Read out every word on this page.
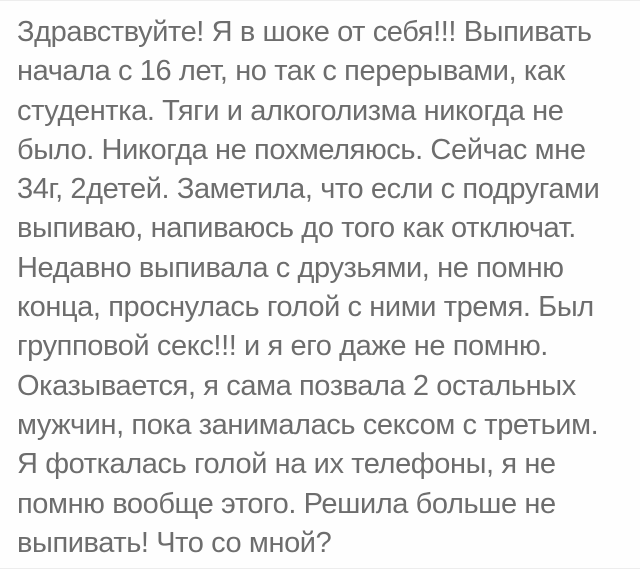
Здравствуйте! Я в шоке от себя!!! Выпивать
начала с 16 лет, но так с перерывами, как
студентка. Тяги и алкоголизма никогда не
было. Никогда не похмеляюсь. Сейчас мне
34г, 2детей. Заметила, что если с подругами
выпиваю, напиваюсь до того как отключат.
Недавно выпивала с друзьями, не помню
конца, проснулась голой с ними тремя. Был
групповой секс!!! и я его даже не помню.
Оказывается, я сама позвала 2 остальных
мужчин, пока занималась сексом с третьим.
Я фоткалась голой на их телефоны, я не
помню вообще этого. Решила больше не
выпивать! Что со мной?
